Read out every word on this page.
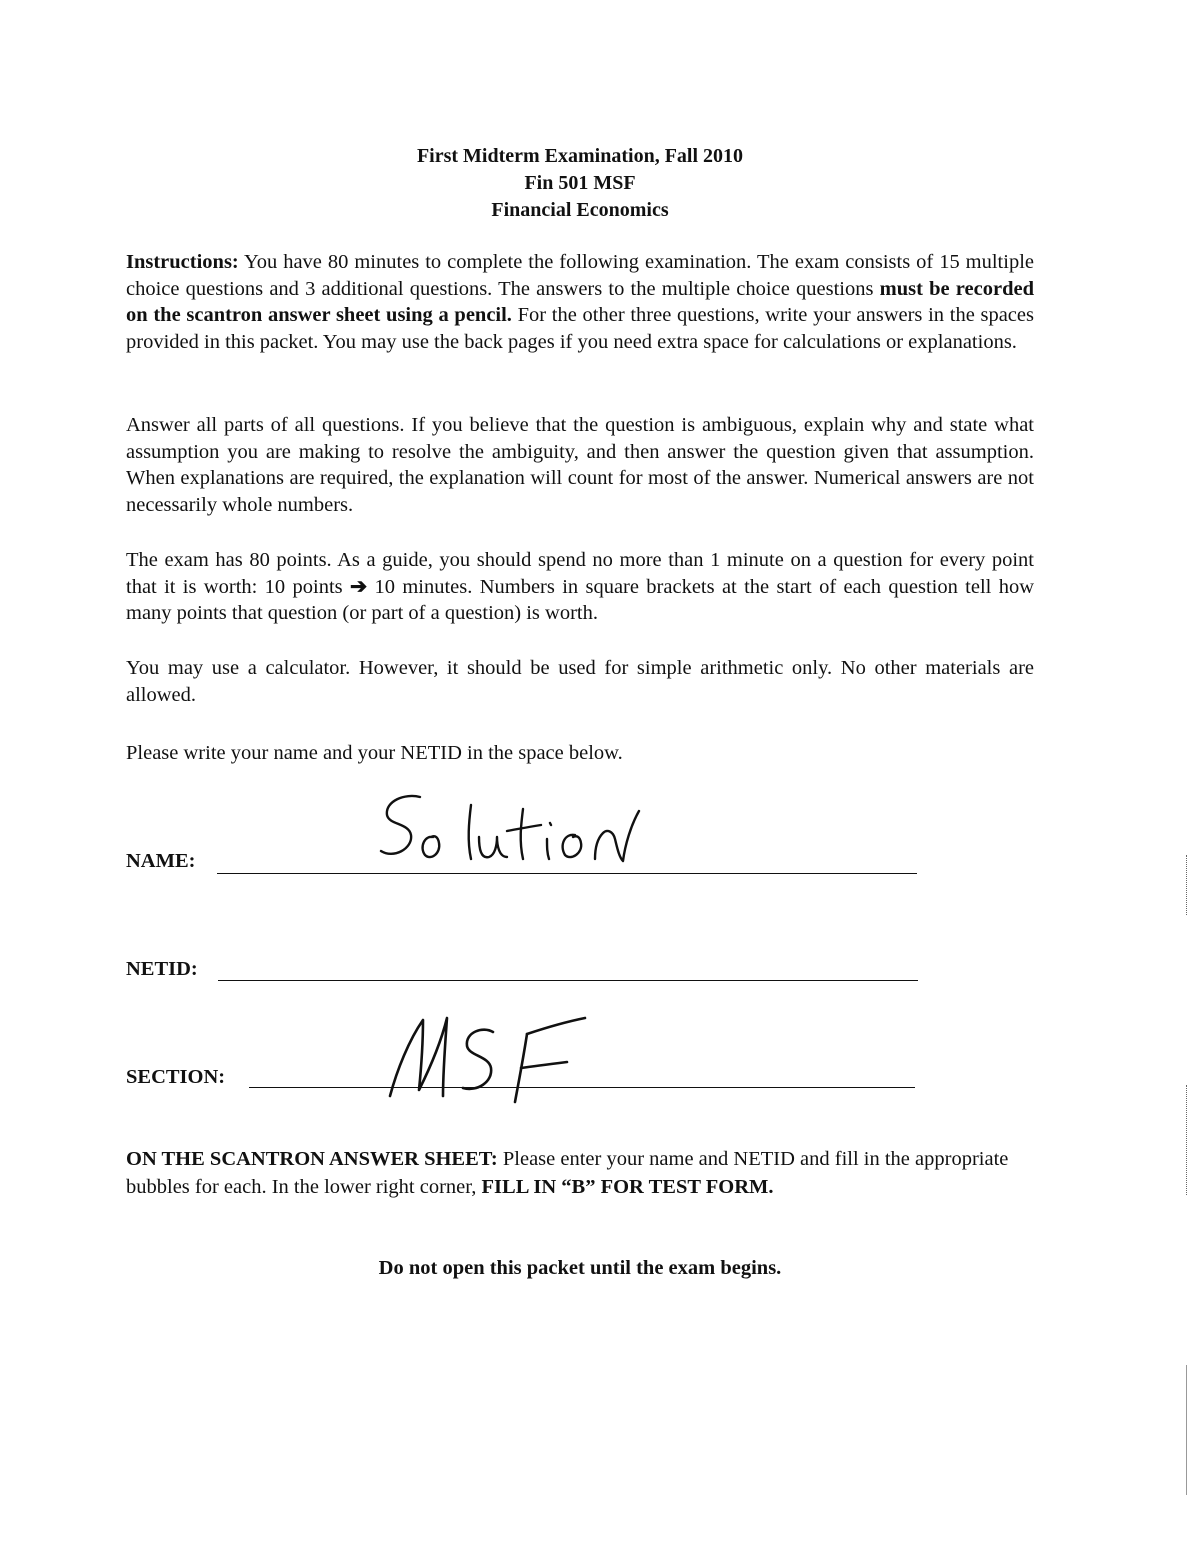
First Midterm Examination, Fall 2010
Fin 501 MSF
Financial Economics

Instructions: You have 80 minutes to complete the following examination. The exam consists of 15 multiple choice questions and 3 additional questions. The answers to the multiple choice questions must be recorded on the scantron answer sheet using a pencil. For the other three questions, write your answers in the spaces provided in this packet. You may use the back pages if you need extra space for calculations or explanations.

Answer all parts of all questions. If you believe that the question is ambiguous, explain why and state what assumption you are making to resolve the ambiguity, and then answer the question given that assumption. When explanations are required, the explanation will count for most of the answer. Numerical answers are not necessarily whole numbers.

The exam has 80 points. As a guide, you should spend no more than 1 minute on a question for every point that it is worth: 10 points ➔ 10 minutes. Numbers in square brackets at the start of each question tell how many points that question (or part of a question) is worth.

You may use a calculator. However, it should be used for simple arithmetic only. No other materials are allowed.

Please write your name and your NETID in the space below.

NAME:
NETID:
SECTION:

ON THE SCANTRON ANSWER SHEET: Please enter your name and NETID and fill in the appropriate bubbles for each. In the lower right corner, FILL IN “B” FOR TEST FORM.

Do not open this packet until the exam begins.
